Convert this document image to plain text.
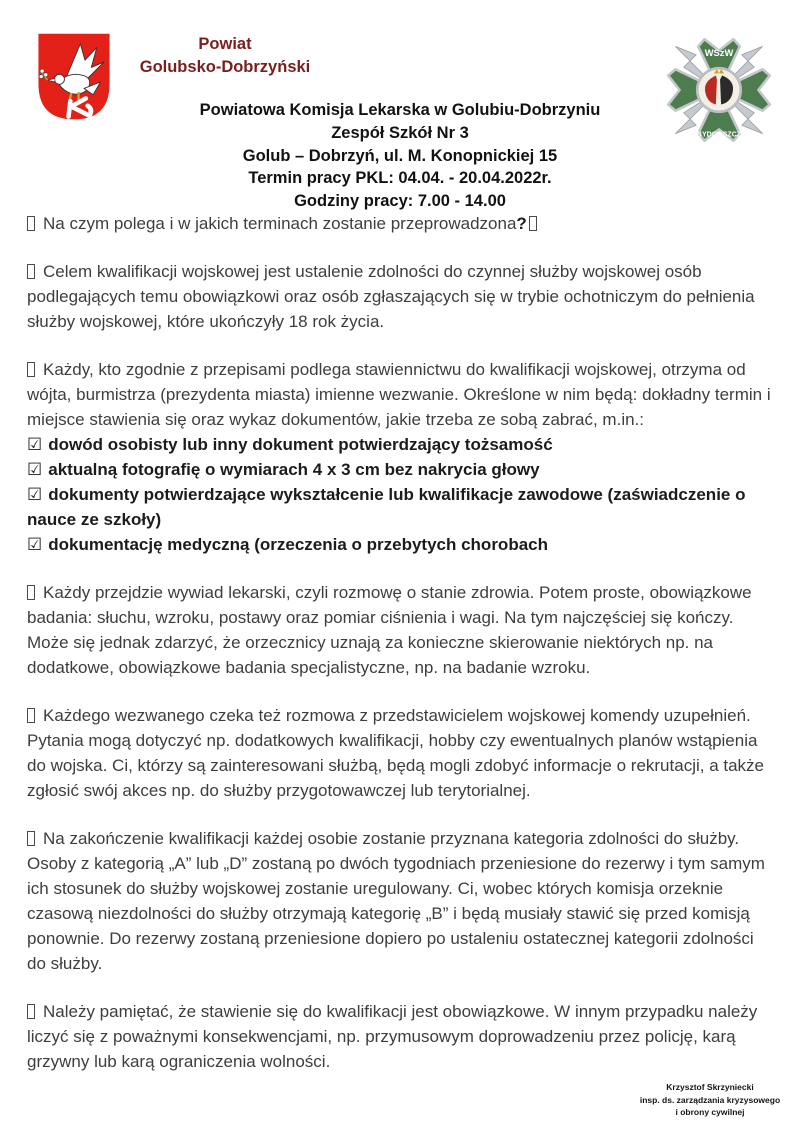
Powiat
Golubsko-Dobrzyński
WSzW
BYDGOSZCZ
Powiatowa Komisja Lekarska w Golubiu-Dobrzyniu
Zespół Szkół Nr 3
Golub – Dobrzyń, ul. M. Konopnickiej 15
Termin pracy PKL: 04.04. - 20.04.2022r.
Godziny pracy: 7.00 - 14.00

Na czym polega i w jakich terminach zostanie przeprowadzona?

Celem kwalifikacji wojskowej jest ustalenie zdolności do czynnej służby wojskowej osób podlegających temu obowiązkowi oraz osób zgłaszających się w trybie ochotniczym do pełnienia służby wojskowej, które ukończyły 18 rok życia.

Każdy, kto zgodnie z przepisami podlega stawiennictwu do kwalifikacji wojskowej, otrzyma od wójta, burmistrza (prezydenta miasta) imienne wezwanie. Określone w nim będą: dokładny termin i miejsce stawienia się oraz wykaz dokumentów, jakie trzeba ze sobą zabrać, m.in.:

☑ dowód osobisty lub inny dokument potwierdzający tożsamość
☑ aktualną fotografię o wymiarach 4 x 3 cm bez nakrycia głowy
☑ dokumenty potwierdzające wykształcenie lub kwalifikacje zawodowe (zaświadczenie o nauce ze szkoły)
☑ dokumentację medyczną (orzeczenia o przebytych chorobach

Każdy przejdzie wywiad lekarski, czyli rozmowę o stanie zdrowia. Potem proste, obowiązkowe badania: słuchu, wzroku, postawy oraz pomiar ciśnienia i wagi. Na tym najczęściej się kończy. Może się jednak zdarzyć, że orzecznicy uznają za konieczne skierowanie niektórych np. na dodatkowe, obowiązkowe badania specjalistyczne, np. na badanie wzroku.

Każdego wezwanego czeka też rozmowa z przedstawicielem wojskowej komendy uzupełnień. Pytania mogą dotyczyć np. dodatkowych kwalifikacji, hobby czy ewentualnych planów wstąpienia do wojska. Ci, którzy są zainteresowani służbą, będą mogli zdobyć informacje o rekrutacji, a także zgłosić swój akces np. do służby przygotowawczej lub terytorialnej.

Na zakończenie kwalifikacji każdej osobie zostanie przyznana kategoria zdolności do służby. Osoby z kategorią „A” lub „D” zostaną po dwóch tygodniach przeniesione do rezerwy i tym samym ich stosunek do służby wojskowej zostanie uregulowany. Ci, wobec których komisja orzeknie czasową niezdolności do służby otrzymają kategorię „B” i będą musiały stawić się przed komisją ponownie. Do rezerwy zostaną przeniesione dopiero po ustaleniu ostatecznej kategorii zdolności do służby.

Należy pamiętać, że stawienie się do kwalifikacji jest obowiązkowe. W innym przypadku należy liczyć się z poważnymi konsekwencjami, np. przymusowym doprowadzeniu przez policję, karą grzywny lub karą ograniczenia wolności.

Krzysztof Skrzyniecki
insp. ds. zarządzania kryzysowego
i obrony cywilnej
